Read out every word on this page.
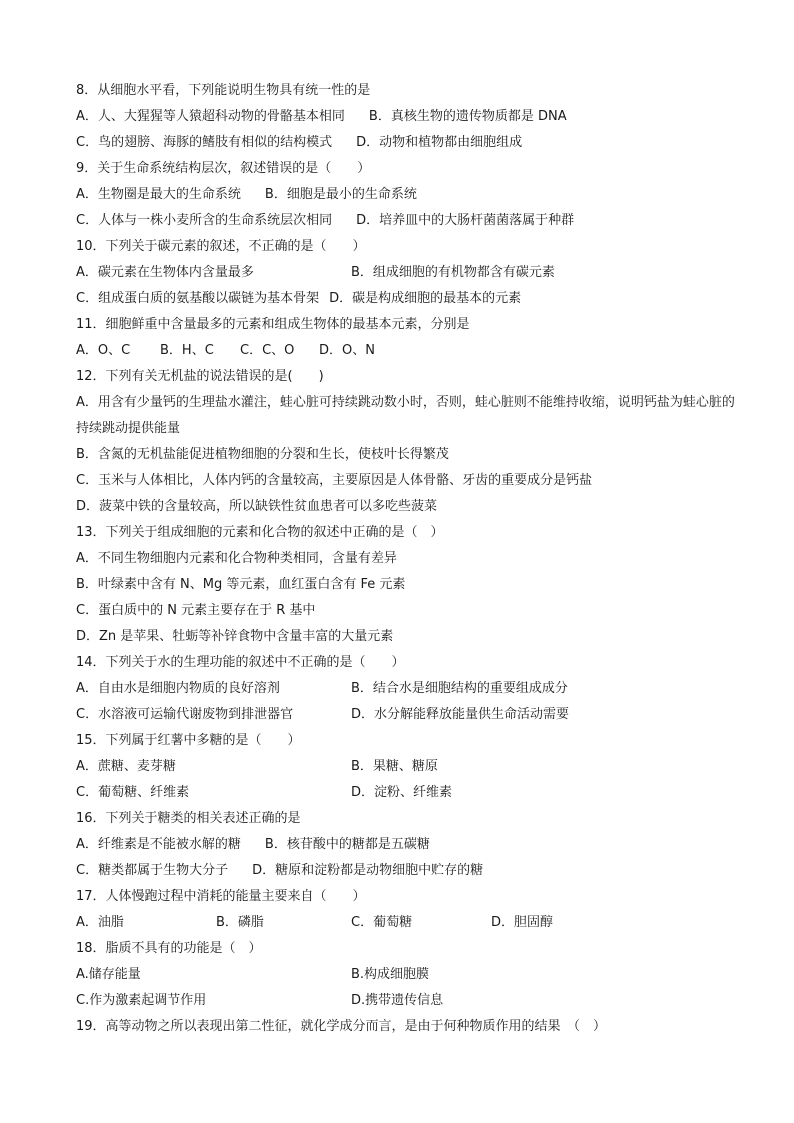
8．从细胞水平看，下列能说明生物具有统一性的是
A．人、大猩猩等人猿超科动物的骨骼基本相同 B．真核生物的遗传物质都是 DNA
C．鸟的翅膀、海豚的鳍肢有相似的结构模式 D．动物和植物都由细胞组成
9．关于生命系统结构层次，叙述错误的是（　　）
A．生物圈是最大的生命系统 B．细胞是最小的生命系统
C．人体与一株小麦所含的生命系统层次相同 D．培养皿中的大肠杆菌菌落属于种群
10．下列关于碳元素的叙述，不正确的是（　　）
A．碳元素在生物体内含量最多	B．组成细胞的有机物都含有碳元素
C．组成蛋白质的氨基酸以碳链为基本骨架 D．碳是构成细胞的最基本的元素
11．细胞鲜重中含量最多的元素和组成生物体的最基本元素，分别是
A．O、C B．H、C C．C、O D．O、N
12．下列有关无机盐的说法错误的是(　　)
A．用含有少量钙的生理盐水灌注，蛙心脏可持续跳动数小时，否则，蛙心脏则不能维持收缩，说明钙盐为蛙心脏的持续跳动提供能量
B．含氮的无机盐能促进植物细胞的分裂和生长，使枝叶长得繁茂
C．玉米与人体相比，人体内钙的含量较高，主要原因是人体骨骼、牙齿的重要成分是钙盐
D．菠菜中铁的含量较高，所以缺铁性贫血患者可以多吃些菠菜
13．下列关于组成细胞的元素和化合物的叙述中正确的是（　）
A．不同生物细胞内元素和化合物种类相同，含量有差异
B．叶绿素中含有 N、Mg 等元素，血红蛋白含有 Fe 元素
C．蛋白质中的 N 元素主要存在于 R 基中
D．Zn 是苹果、牡蛎等补锌食物中含量丰富的大量元素
14．下列关于水的生理功能的叙述中不正确的是（　　）
A．自由水是细胞内物质的良好溶剂	B．结合水是细胞结构的重要组成成分
C．水溶液可运输代谢废物到排泄器官	D．水分解能释放能量供生命活动需要
15．下列属于红薯中多糖的是（　　）
A．蔗糖、麦芽糖	B．果糖、糖原
C．葡萄糖、纤维素	D．淀粉、纤维素
16．下列关于糖类的相关表述正确的是
A．纤维素是不能被水解的糖 B．核苷酸中的糖都是五碳糖
C．糖类都属于生物大分子 D．糖原和淀粉都是动物细胞中贮存的糖
17．人体慢跑过程中消耗的能量主要来自（　　）
A．油脂	B．磷脂	C．葡萄糖	D．胆固醇
18．脂质不具有的功能是（　）
A.储存能量	B.构成细胞膜
C.作为激素起调节作用	D.携带遗传信息
19．高等动物之所以表现出第二性征，就化学成分而言，是由于何种物质作用的结果　（　）
